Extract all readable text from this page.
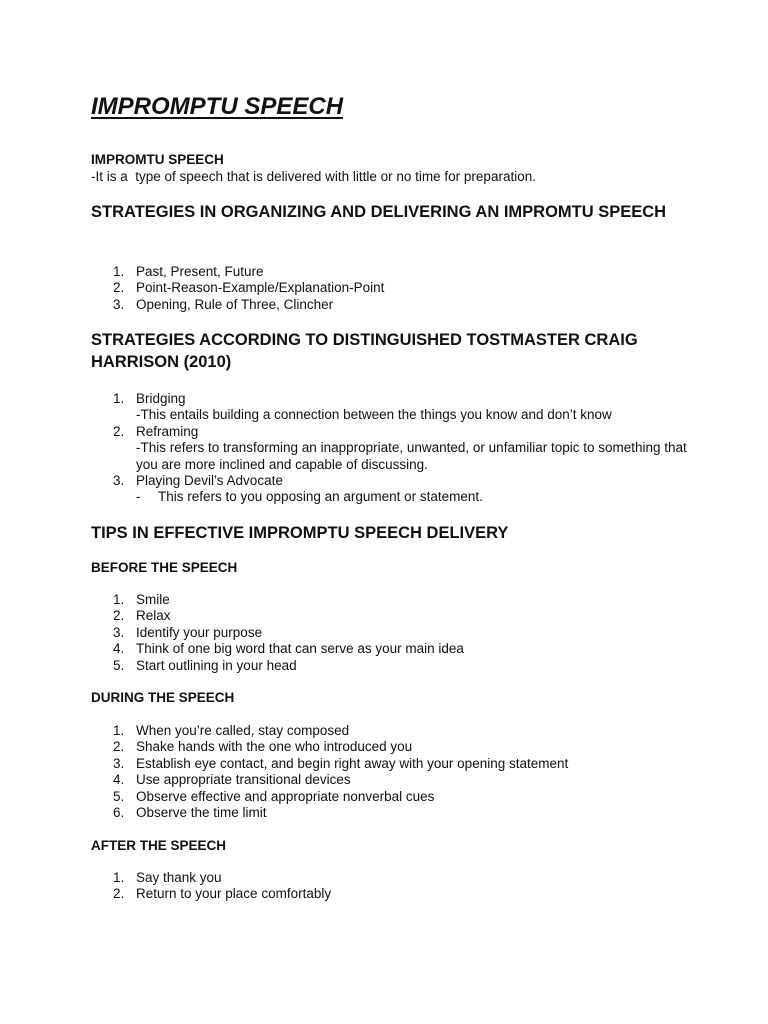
IMPROMPTU SPEECH
IMPROMTU SPEECH
-It is a  type of speech that is delivered with little or no time for preparation.
STRATEGIES IN ORGANIZING AND DELIVERING AN IMPROMTU SPEECH
1. Past, Present, Future
2. Point-Reason-Example/Explanation-Point
3. Opening, Rule of Three, Clincher
STRATEGIES ACCORDING TO DISTINGUISHED TOSTMASTER CRAIG HARRISON (2010)
1. Bridging
-This entails building a connection between the things you know and don’t know
2. Reframing
-This refers to transforming an inappropriate, unwanted, or unfamiliar topic to something that you are more inclined and capable of discussing.
3. Playing Devil’s Advocate
- This refers to you opposing an argument or statement.
TIPS IN EFFECTIVE IMPROMPTU SPEECH DELIVERY
BEFORE THE SPEECH
1. Smile
2. Relax
3. Identify your purpose
4. Think of one big word that can serve as your main idea
5. Start outlining in your head
DURING THE SPEECH
1. When you’re called, stay composed
2. Shake hands with the one who introduced you
3. Establish eye contact, and begin right away with your opening statement
4. Use appropriate transitional devices
5. Observe effective and appropriate nonverbal cues
6. Observe the time limit
AFTER THE SPEECH
1. Say thank you
2. Return to your place comfortably
